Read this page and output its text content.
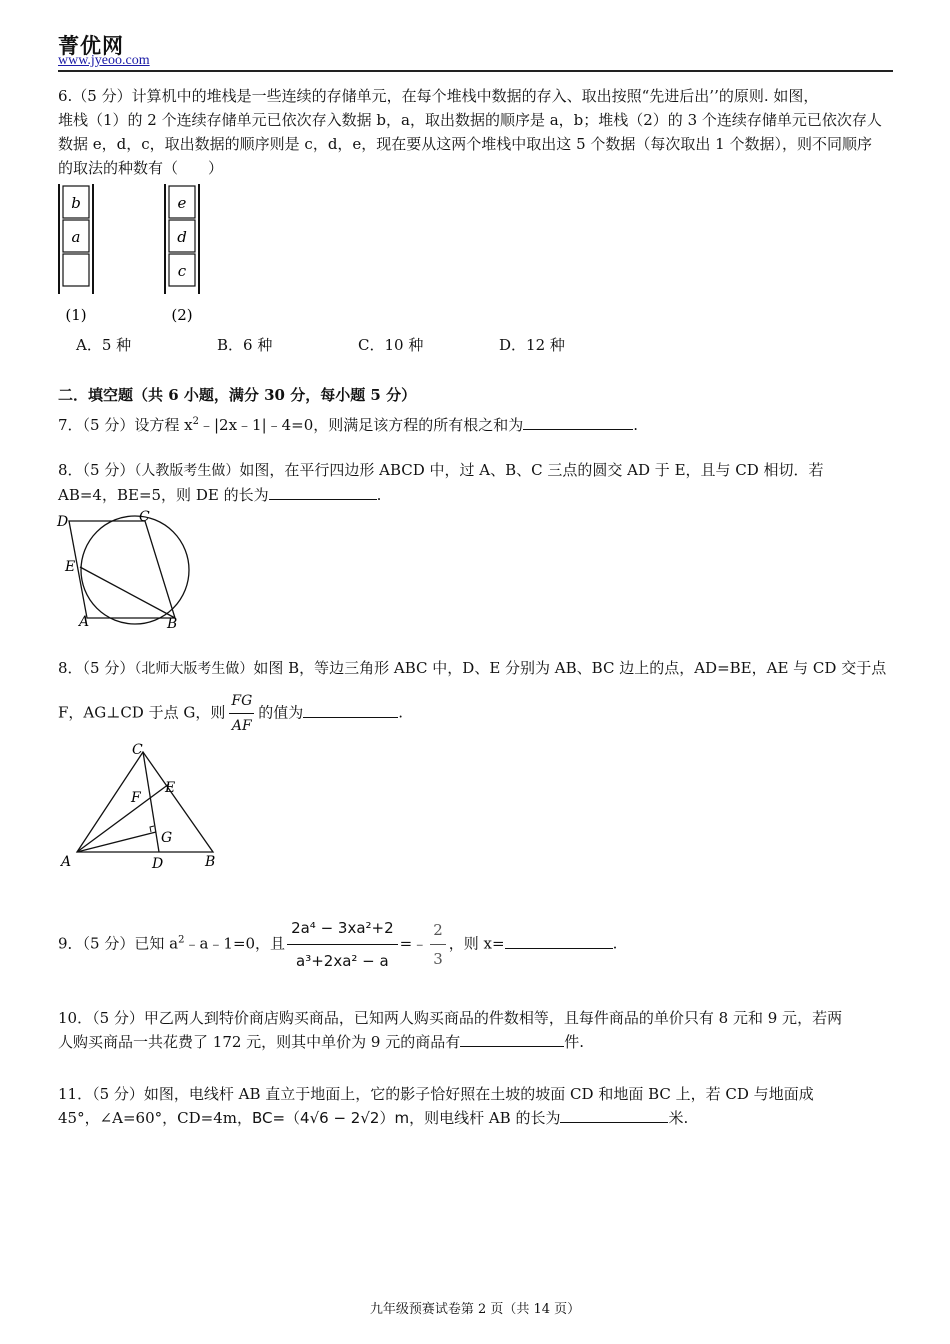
菁优网
www.jyeoo.com
6.（5 分）计算机中的堆栈是一些连续的存储单元，在每个堆栈中数据的存入、取出按照“先进后出’’的原则. 如图，
堆栈（1）的 2 个连续存储单元已依次存入数据 b，a，取出数据的顺序是 a，b；堆栈（2）的 3 个连续存储单元已依次存人
数据 e，d，c，取出数据的顺序则是 c，d，e，现在要从这两个堆栈中取出这 5 个数据（每次取出 1 个数据），则不同顺序
的取法的种数有（　　）
b
a
(1)
e
d
c
(2)
A．5 种	B．6 种	C．10 种	D．12 种
二．填空题（共 6 小题，满分 30 分，每小题 5 分）
7．（5 分）设方程 $x^2﹣|2x﹣1|﹣4=0$，则满足该方程的所有根之和为	.
8．（5 分）（人教版考生做）如图，在平行四边形 ABCD 中，过 A、B、C 三点的圆交 AD 于 E，且与 CD 相切．若
AB=4，BE=5，则 DE 的长为	.
D	C
E
A	B
8．（5 分）（北师大版考生做）如图 B，等边三角形 ABC 中，D、E 分别为 AB、BC 边上的点，AD=BE，AE 与 CD 交于点
F，AG⊥CD 于点 G，则 $\frac{FG}{AF}$ 的值为	.
C
E
F
G
A	D	B
9．（5 分）已知 $a^2﹣a﹣1=0$，且 $\frac{\text{2a⁴ − 3xa²+2}}{\text{a³+2xa² − a}}$ =﹣ $\frac{2}{3}$ ，则 x=	.
10．（5 分）甲乙两人到特价商店购买商品，已知两人购买商品的件数相等，且每件商品的单价只有 8 元和 9 元，若两
人购买商品一共花费了 172 元，则其中单价为 9 元的商品有	件.
11．（5 分）如图，电线杆 AB 直立于地面上，它的影子恰好照在土坡的坡面 CD 和地面 BC 上，若 CD 与地面成
45°，∠A=60°，CD=4m，BC=（4√6 − 2√2）m，则电线杆 AB 的长为	米.
九年级预赛试卷第 2 页（共 14 页）
